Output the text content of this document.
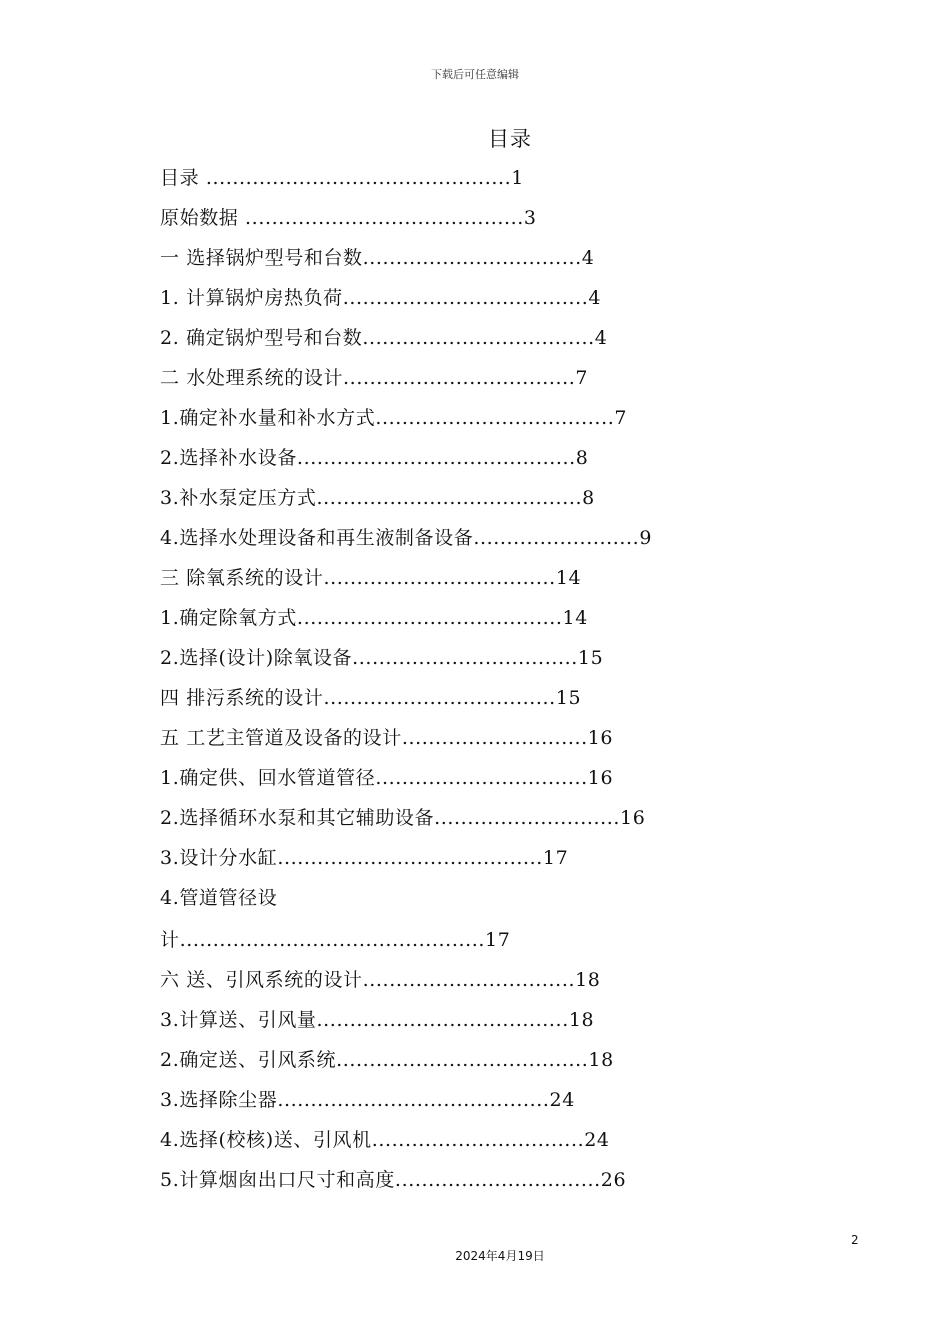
下载后可任意编辑
目录
目录 ..............................................1
原始数据 ..........................................3
一 选择锅炉型号和台数.................................4
1. 计算锅炉房热负荷.....................................4
2. 确定锅炉型号和台数...................................4
二 水处理系统的设计...................................7
1.确定补水量和补水方式....................................7
2.选择补水设备..........................................8
3.补水泵定压方式........................................8
4.选择水处理设备和再生液制备设备.........................9
三 除氧系统的设计...................................14
1.确定除氧方式........................................14
2.选择(设计)除氧设备..................................15
四 排污系统的设计...................................15
五 工艺主管道及设备的设计............................16
1.确定供、回水管道管径................................16
2.选择循环水泵和其它辅助设备............................16
3.设计分水缸........................................17
4.管道管径设
计..............................................17
六 送、引风系统的设计................................18
3.计算送、引风量......................................18
2.确定送、引风系统......................................18
3.选择除尘器.........................................24
4.选择(校核)送、引风机................................24
5.计算烟囱出口尺寸和高度...............................26
2
2024年4月19日
